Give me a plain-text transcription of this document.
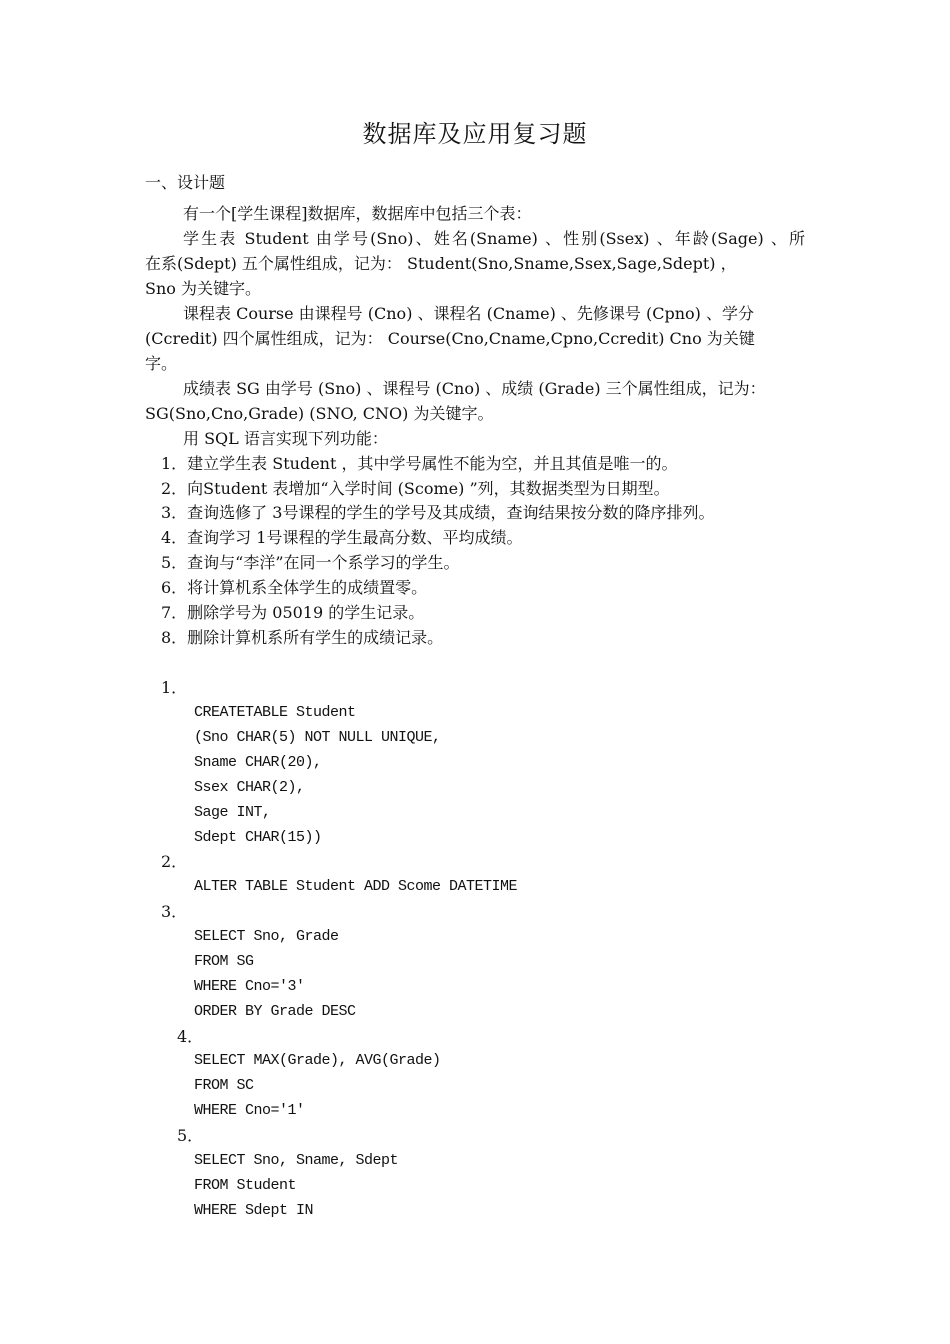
数据库及应用复习题
一、设计题
有一个[学生课程]数据库，数据库中包括三个表：
学生表 Student 由学号(Sno)、姓名(Sname) 、性别(Ssex) 、年龄(Sage) 、所
在系(Sdept) 五个属性组成，记为： Student(Sno,Sname,Ssex,Sage,Sdept) ，
Sno 为关键字。
课程表 Course 由课程号 (Cno) 、课程名 (Cname) 、先修课号 (Cpno) 、学分
(Ccredit) 四个属性组成，记为： Course(Cno,Cname,Cpno,Ccredit) Cno 为关键
字。
成绩表 SG 由学号 (Sno) 、课程号 (Cno) 、成绩 (Grade) 三个属性组成，记为：
SG(Sno,Cno,Grade) (SNO, CNO) 为关键字。
用 SQL 语言实现下列功能：
1．建立学生表 Student ，其中学号属性不能为空，并且其值是唯一的。
2．向Student 表增加“入学时间 (Scome) ”列，其数据类型为日期型。
3．查询选修了 3号课程的学生的学号及其成绩，查询结果按分数的降序排列。
4．查询学习 1号课程的学生最高分数、平均成绩。
5．查询与“李洋”在同一个系学习的学生。
6．将计算机系全体学生的成绩置零。
7．删除学号为 05019 的学生记录。
8．删除计算机系所有学生的成绩记录。
1．
CREATETABLE Student
(Sno CHAR(5) NOT NULL UNIQUE,
Sname CHAR(20),
Ssex CHAR(2),
Sage INT,
Sdept CHAR(15))
2．
ALTER TABLE Student ADD Scome DATETIME
3．
SELECT Sno, Grade
FROM SG
WHERE Cno='3'
ORDER BY Grade DESC
4．
SELECT MAX(Grade), AVG(Grade)
FROM SC
WHERE Cno='1'
5．
SELECT Sno, Sname, Sdept
FROM Student
WHERE Sdept IN
